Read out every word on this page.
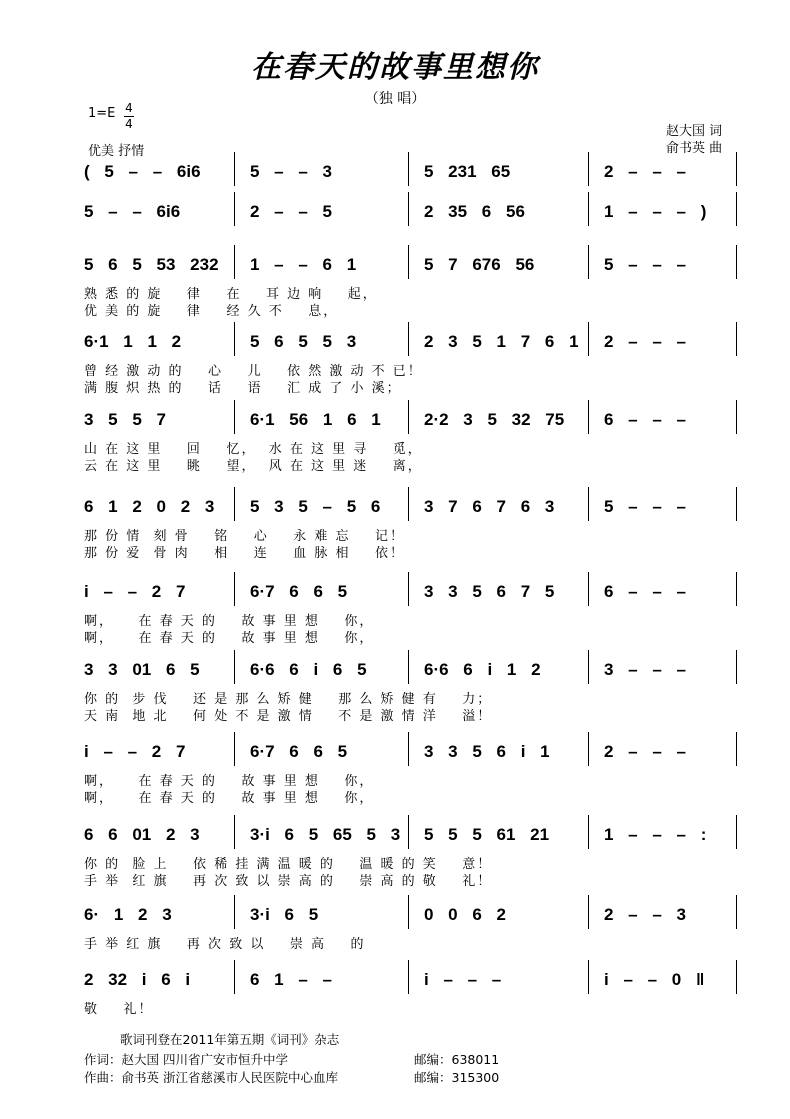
在春天的故事里想你
（独 唱）
1=E 4
4
优美 抒情
赵大国 词
俞书英 曲
( 5 – – 6i6	5 – – 3	5 231 65	2 – – –
5 – – 6i6	2 – – 5	2 35 6 56	1 – – – )
5 6 5 53 232	1 – – 6 1	5 7 676 56	5 – – –
熟 悉 的 旋    律    在    耳 边 响    起，
优 美 的 旋    律    经 久 不    息，
6·1 1 1 2	5 6 5 5 3	2 3 5 1 7 6 1	2 – – –
曾 经 激 动 的    心    儿    依 然 激 动 不 已！
满 腹 炽 热 的    话    语    汇 成 了 小 溪；
3 5 5 7	6·1 56 1 6 1	2·2 3 5 32 75	6 – – –
山 在 这 里    回    忆，  水 在 这 里 寻    觅，
云 在 这 里    眺    望，  风 在 这 里 迷    离，
6 1 2 0 2 3	5 3 5 – 5 6	3 7 6 7 6 3	5 – – –
那 份 情  刻 骨    铭    心    永 难 忘    记！
那 份 爱  骨 肉    相    连    血 脉 相    依！
i – – 2 7	6·7 6 6 5	3 3 5 6 7 5	6 – – –
啊，    在 春 天 的    故 事 里 想    你，
啊，    在 春 天 的    故 事 里 想    你，
3 3 01 6 5	6·6 6 i 6 5	6·6 6 i 1 2	3 – – –
你 的  步 伐    还 是 那 么 矫 健    那 么 矫 健 有    力；
天 南  地 北    何 处 不 是 激 情    不 是 激 情 洋    溢！
i – – 2 7	6·7 6 6 5	3 3 5 6 i 1	2 – – –
啊，    在 春 天 的    故 事 里 想    你，
啊，    在 春 天 的    故 事 里 想    你，
6 6 01 2 3	3·i 6 5 65 5 3 5 5 5 61 21	1 – – – :
你 的  脸 上    依 稀 挂 满 温 暖 的    温 暖 的 笑    意！
手 举  红 旗    再 次 致 以 崇 高 的    崇 高 的 敬    礼！
6· 1 2 3	3·i 6 5	0 0 6 2	2 – – 3
手 举 红 旗    再 次 致 以    崇 高    的
2 32 i 6 i	6 1 – –	i – – –	i – – 0 ‖
敬    礼！
歌词刊登在2011年第五期《词刊》杂志
作词：赵大国 四川省广安市恒升中学	邮编：638011
作曲：俞书英 浙江省慈溪市人民医院中心血库	邮编：315300
